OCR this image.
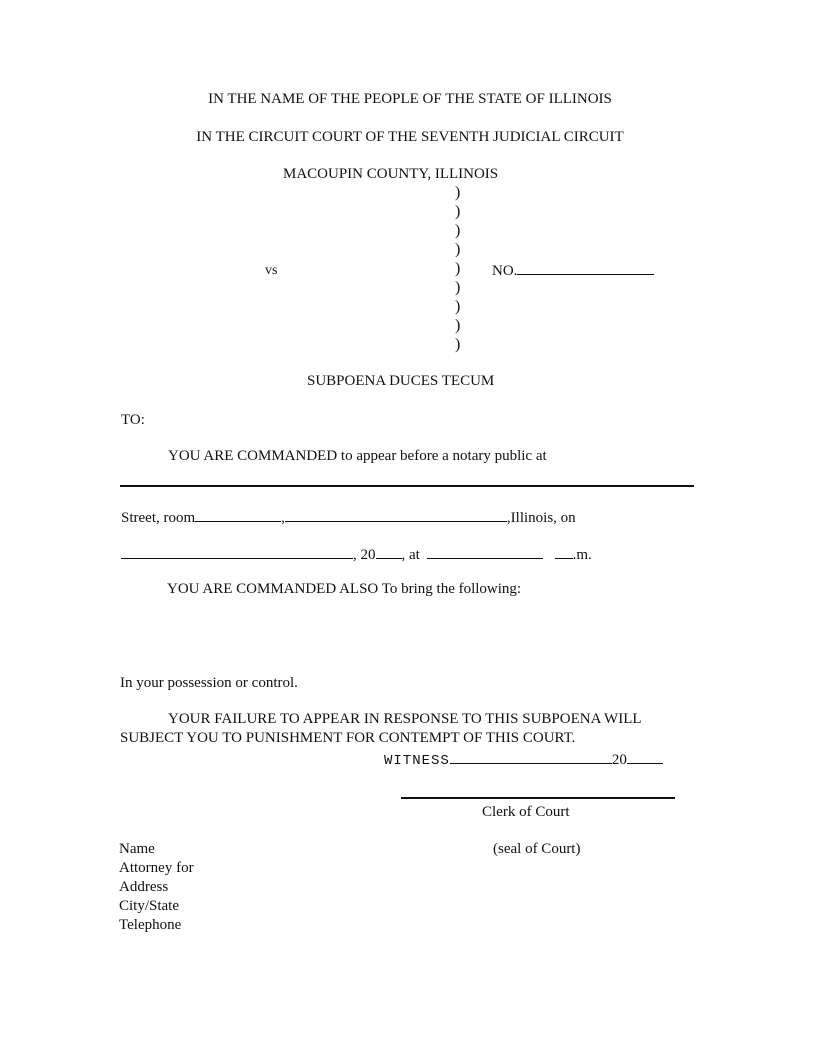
IN THE NAME OF THE PEOPLE OF THE STATE OF ILLINOIS
IN THE CIRCUIT COURT OF THE SEVENTH JUDICIAL CIRCUIT
MACOUPIN COUNTY, ILLINOIS
)
)
)
)
)
)
)
)
)
vs	NO.
SUBPOENA DUCES TECUM
TO:
YOU ARE COMMANDED to appear before a notary public at
Street, room	,	,Illinois, on
, 20 , at	.m.
YOU ARE COMMANDED ALSO To bring the following:
In your possession or control.
YOUR FAILURE TO APPEAR IN RESPONSE TO THIS SUBPOENA WILL
SUBJECT YOU TO PUNISHMENT FOR CONTEMPT OF THIS COURT.
WITNESS	20
Clerk of Court
(seal of Court)
Name
Attorney for
Address
City/State
Telephone
